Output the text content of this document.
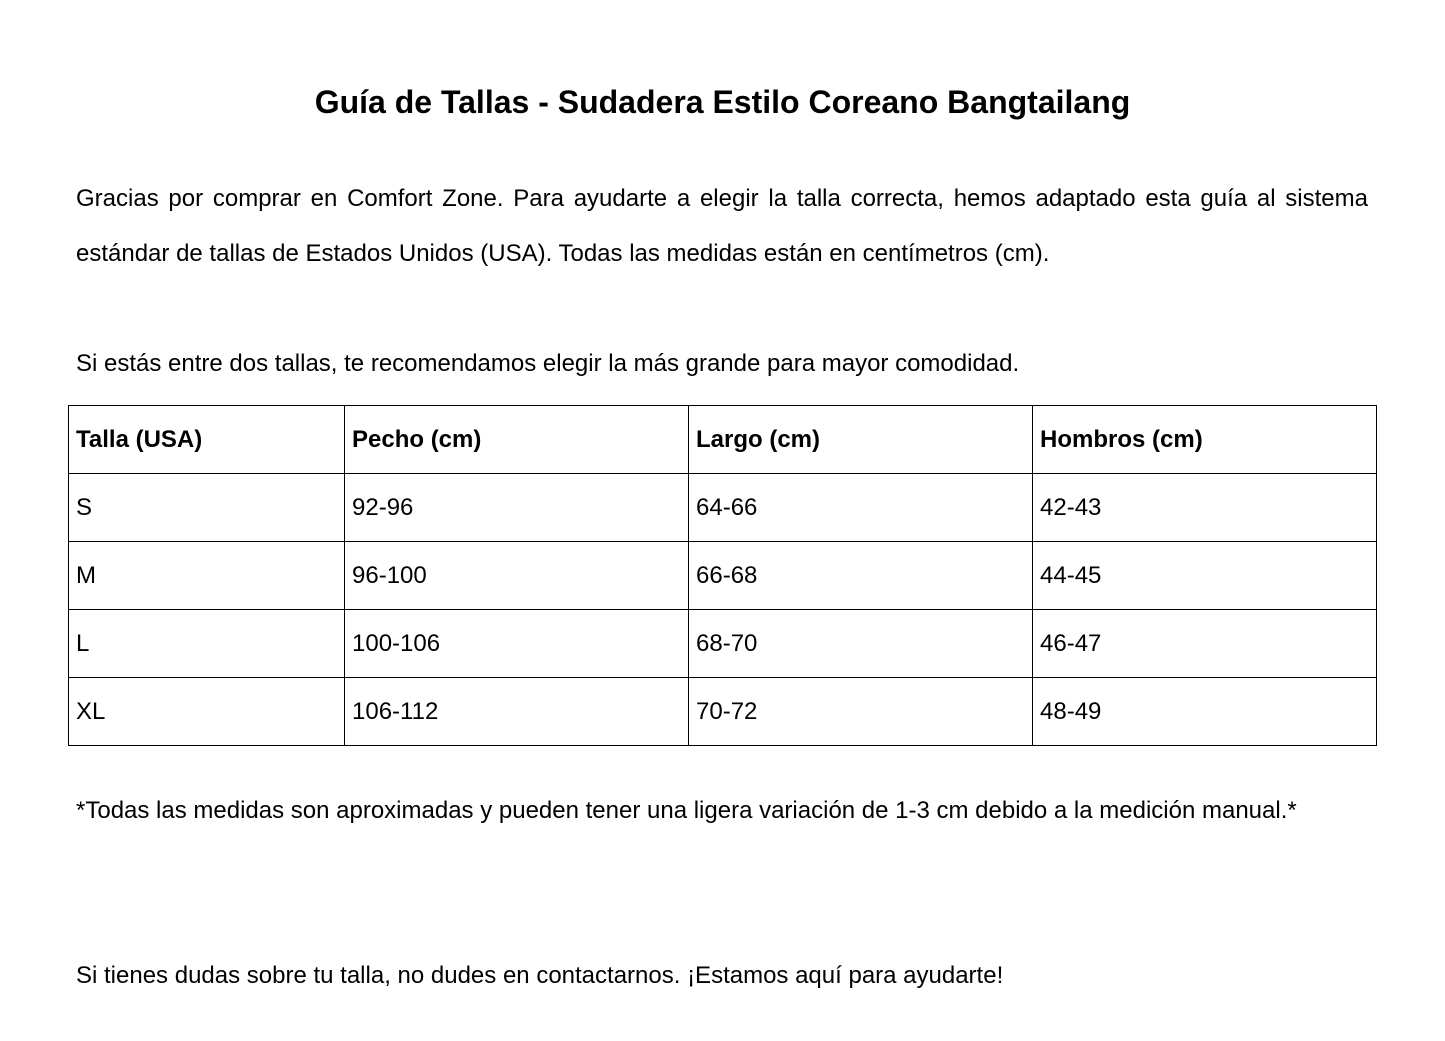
Guía de Tallas - Sudadera Estilo Coreano Bangtailang

Gracias por comprar en Comfort Zone. Para ayudarte a elegir la talla correcta, hemos adaptado esta guía al sistema estándar de tallas de Estados Unidos (USA). Todas las medidas están en centímetros (cm).

Si estás entre dos tallas, te recomendamos elegir la más grande para mayor comodidad.

Talla (USA)	Pecho (cm)	Largo (cm)	Hombros (cm)
S	92-96	64-66	42-43
M	96-100	66-68	44-45
L	100-106	68-70	46-47
XL	106-112	70-72	48-49

*Todas las medidas son aproximadas y pueden tener una ligera variación de 1-3 cm debido a la medición manual.*

Si tienes dudas sobre tu talla, no dudes en contactarnos. ¡Estamos aquí para ayudarte!
